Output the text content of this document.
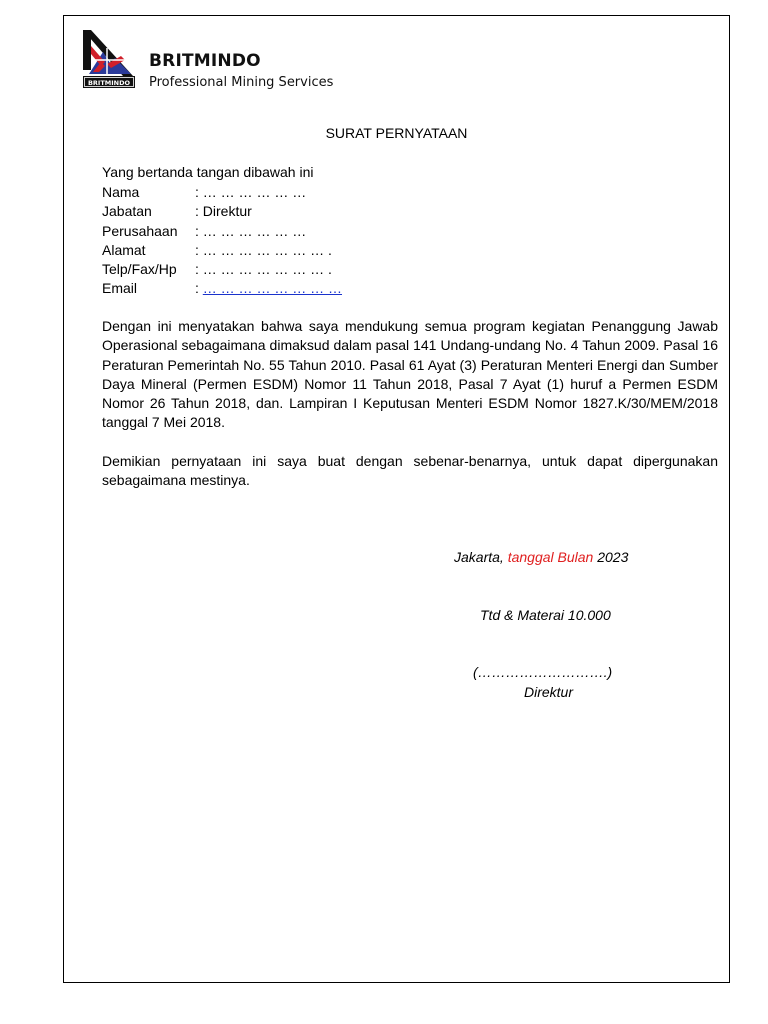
BRITMINDO
BRITMINDO
Professional Mining Services
SURAT PERNYATAAN
Yang bertanda tangan dibawah ini
Nama	: … … … … … …
Jabatan	: Direktur
Perusahaan	: … … … … … …
Alamat	: … … … … … … … .
Telp/Fax/Hp	: … … … … … … … .
Email	: … … … … … … … …
Dengan ini menyatakan bahwa saya mendukung semua program kegiatan Penanggung Jawab Operasional sebagaimana dimaksud dalam pasal 141 Undang-undang No. 4 Tahun 2009. Pasal 16 Peraturan Pemerintah No. 55 Tahun 2010. Pasal 61 Ayat (3) Peraturan Menteri Energi dan Sumber Daya Mineral (Permen ESDM) Nomor 11 Tahun 2018, Pasal 7 Ayat (1) huruf a Permen ESDM Nomor 26 Tahun 2018, dan. Lampiran I Keputusan Menteri ESDM Nomor 1827.K/30/MEM/2018 tanggal 7 Mei 2018.
Demikian pernyataan ini saya buat dengan sebenar-benarnya, untuk dapat dipergunakan sebagaimana mestinya.
Jakarta, tanggal Bulan 2023
Ttd & Materai 10.000
(……………………….)
Direktur
